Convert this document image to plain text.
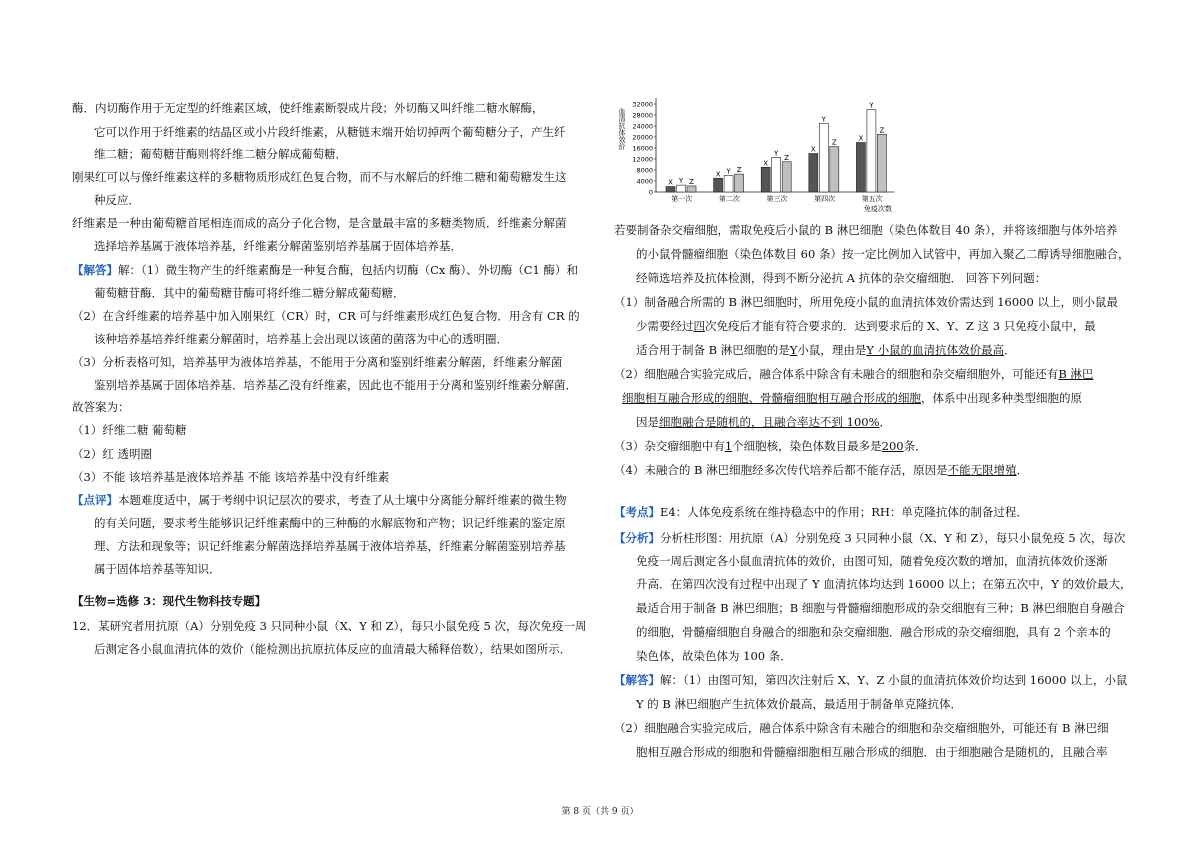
酶．内切酶作用于无定型的纤维素区域，使纤维素断裂成片段；外切酶又叫纤维二糖水解酶，
它可以作用于纤维素的结晶区或小片段纤维素，从糖链末端开始切掉两个葡萄糖分子，产生纤
维二糖；葡萄糖苷酶则将纤维二糖分解成葡萄糖．
刚果红可以与像纤维素这样的多糖物质形成红色复合物，而不与水解后的纤维二糖和葡萄糖发生这
种反应．
纤维素是一种由葡萄糖首尾相连而成的高分子化合物，是含量最丰富的多糖类物质．纤维素分解菌
选择培养基属于液体培养基，纤维素分解菌鉴别培养基属于固体培养基．
【解答】解：（1）微生物产生的纤维素酶是一种复合酶，包括内切酶（Cx 酶）、外切酶（C1 酶）和
葡萄糖苷酶．其中的葡萄糖苷酶可将纤维二糖分解成葡萄糖．
（2）在含纤维素的培养基中加入刚果红（CR）时，CR 可与纤维素形成红色复合物．用含有 CR 的
该种培养基培养纤维素分解菌时，培养基上会出现以该菌的菌落为中心的透明圈．
（3）分析表格可知，培养基甲为液体培养基，不能用于分离和鉴别纤维素分解菌，纤维素分解菌
鉴别培养基属于固体培养基．培养基乙没有纤维素，因此也不能用于分离和鉴别纤维素分解菌．
故答案为：
（1）纤维二糖 葡萄糖
（2）红 透明圈
（3）不能 该培养基是液体培养基 不能 该培养基中没有纤维素
【点评】本题难度适中，属于考纲中识记层次的要求，考查了从土壤中分离能分解纤维素的微生物
的有关问题，要求考生能够识记纤维素酶中的三种酶的水解底物和产物；识记纤维素的鉴定原
理、方法和现象等；识记纤维素分解菌选择培养基属于液体培养基，纤维素分解菌鉴别培养基
属于固体培养基等知识．
【生物=选修 3：现代生物科技专题】
12．某研究者用抗原（A）分别免疫 3 只同种小鼠（X、Y 和 Z），每只小鼠免疫 5 次，每次免疫一周
后测定各小鼠血清抗体的效价（能检测出抗原抗体反应的血清最大稀释倍数），结果如图所示．
血清抗体效价
0
4000
8000
12000
16000
20000
24000
28000
32000
X Y Z
第一次
X Y Z
第二次
X
Y
Z
第三次
X
Y
Z
第四次
X
Y
Z
第五次
免疫次数
若要制备杂交瘤细胞，需取免疫后小鼠的 B 淋巴细胞（染色体数目 40 条），并将该细胞与体外培养
的小鼠骨髓瘤细胞（染色体数目 60 条）按一定比例加入试管中，再加入聚乙二醇诱导细胞融合，
经筛选培养及抗体检测，得到不断分泌抗 A 抗体的杂交瘤细胞． 回答下列问题：
（1）制备融合所需的 B 淋巴细胞时，所用免疫小鼠的血清抗体效价需达到 16000 以上，则小鼠最
少需要经过四次免疫后才能有符合要求的．达到要求后的 X、Y、Z 这 3 只免疫小鼠中，最
适合用于制备 B 淋巴细胞的是Y小鼠，理由是Y 小鼠的血清抗体效价最高．
（2）细胞融合实验完成后，融合体系中除含有未融合的细胞和杂交瘤细胞外，可能还有B 淋巴
细胞相互融合形成的细胞、骨髓瘤细胞相互融合形成的细胞，体系中出现多种类型细胞的原
因是细胞融合是随机的，且融合率达不到 100%．
（3）杂交瘤细胞中有1个细胞核，染色体数目最多是200条．
（4）未融合的 B 淋巴细胞经多次传代培养后都不能存活，原因是不能无限增殖．
【考点】E4：人体免疫系统在维持稳态中的作用；RH：单克隆抗体的制备过程．
【分析】分析柱形图：用抗原（A）分别免疫 3 只同种小鼠（X、Y 和 Z），每只小鼠免疫 5 次，每次
免疫一周后测定各小鼠血清抗体的效价，由图可知，随着免疫次数的增加，血清抗体效价逐渐
升高．在第四次没有过程中出现了 Y 血清抗体均达到 16000 以上；在第五次中，Y 的效价最大，
最适合用于制备 B 淋巴细胞；B 细胞与骨髓瘤细胞形成的杂交细胞有三种；B 淋巴细胞自身融合
的细胞，骨髓瘤细胞自身融合的细胞和杂交瘤细胞．融合形成的杂交瘤细胞，具有 2 个亲本的
染色体，故染色体为 100 条．
【解答】解：（1）由图可知，第四次注射后 X、Y、Z 小鼠的血清抗体效价均达到 16000 以上，小鼠
Y 的 B 淋巴细胞产生抗体效价最高，最适用于制备单克隆抗体．
（2）细胞融合实验完成后，融合体系中除含有未融合的细胞和杂交瘤细胞外，可能还有 B 淋巴细
胞相互融合形成的细胞和骨髓瘤细胞相互融合形成的细胞．由于细胞融合是随机的，且融合率
第 8 页（共 9 页）
